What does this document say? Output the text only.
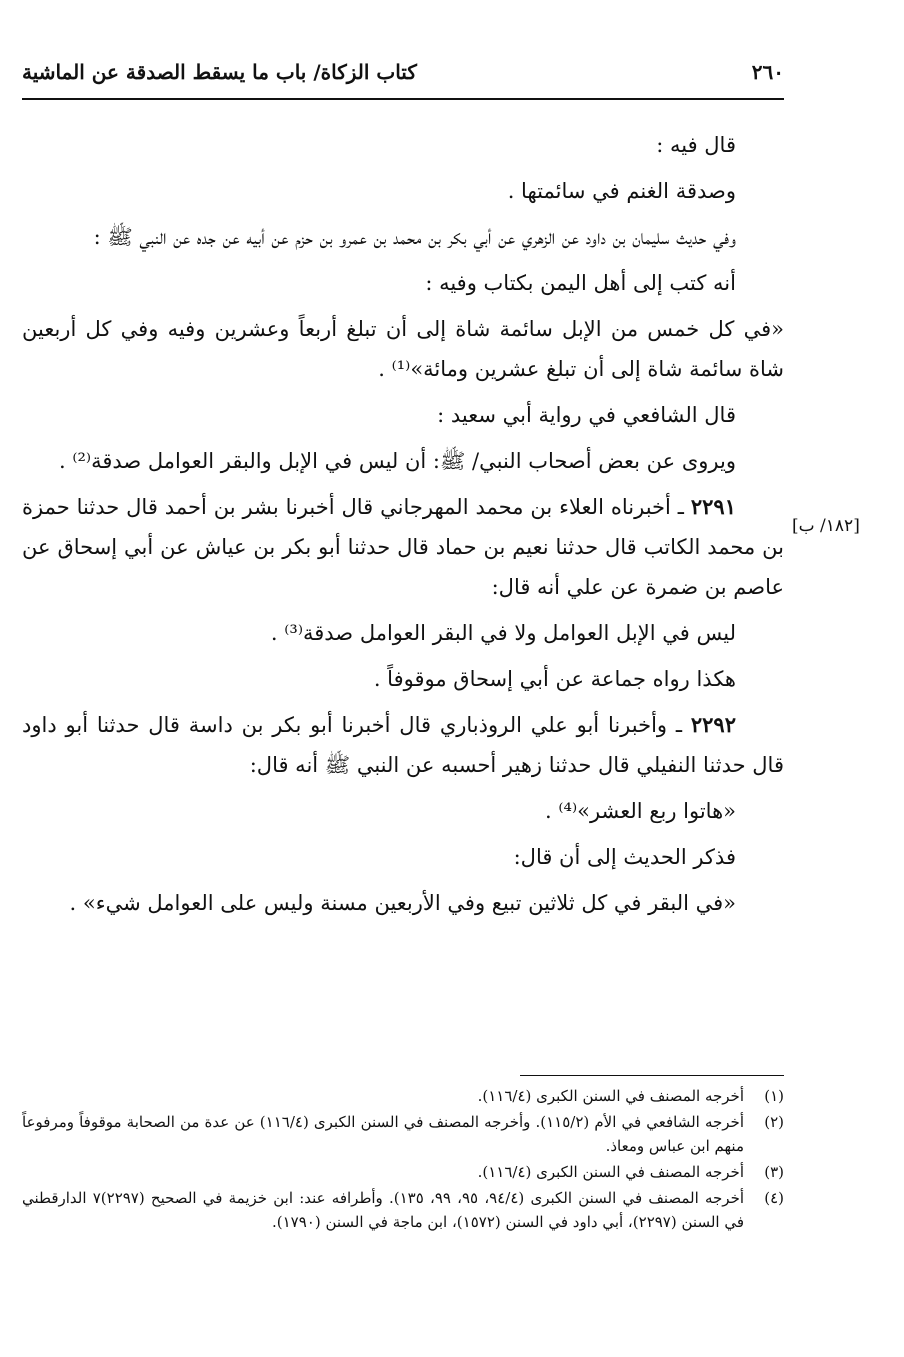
كتاب الزكاة/ باب ما يسقط الصدقة عن الماشية	٢٦٠
[١٨٢/ ب]

قال فيه :

وصدقة الغنم في سائمتها .

وفي حديث سليمان بن داود عن الزهري عن أبي بكر بن محمد بن عمرو بن حزم عن أبيه عن جده عن النبي ﷺ :

أنه كتب إلى أهل اليمن بكتاب وفيه :

«في كل خمس من الإبل سائمة شاة إلى أن تبلغ أربعاً وعشرين وفيه وفي كل أربعين شاة سائمة شاة إلى أن تبلغ عشرين ومائة»⁽¹⁾ .

قال الشافعي في رواية أبي سعيد :

ويروى عن بعض أصحاب النبي/ ﷺ: أن ليس في الإبل والبقر العوامل صدقة⁽²⁾ .

٢٢٩١ ـ أخبرناه العلاء بن محمد المهرجاني قال أخبرنا بشر بن أحمد قال حدثنا حمزة بن محمد الكاتب قال حدثنا نعيم بن حماد قال حدثنا أبو بكر بن عياش عن أبي إسحاق عن عاصم بن ضمرة عن علي أنه قال:

ليس في الإبل العوامل ولا في البقر العوامل صدقة⁽³⁾ .

هكذا رواه جماعة عن أبي إسحاق موقوفاً .

٢٢٩٢ ـ وأخبرنا أبو علي الروذباري قال أخبرنا أبو بكر بن داسة قال حدثنا أبو داود قال حدثنا النفيلي قال حدثنا زهير أحسبه عن النبي ﷺ أنه قال:

«هاتوا ربع العشر»⁽⁴⁾ .

فذكر الحديث إلى أن قال:

«في البقر في كل ثلاثين تبيع وفي الأربعين مسنة وليس على العوامل شيء» .

(١)
أخرجه المصنف في السنن الكبرى (١١٦/٤).
(٢)
أخرجه الشافعي في الأم (١١٥/٢). وأخرجه المصنف في السنن الكبرى (١١٦/٤) عن عدة من الصحابة موقوفاً ومرفوعاً منهم ابن عباس ومعاذ.
(٣)
أخرجه المصنف في السنن الكبرى (١١٦/٤).
(٤)
أخرجه المصنف في السنن الكبرى (٩٤/٤، ٩٥، ٩٩، ١٣٥). وأطرافه عند: ابن خزيمة في الصحيح (٢٢٩٧)٧ الدارقطني في السنن (٢٢٩٧)، أبي داود في السنن (١٥٧٢)، ابن ماجة في السنن (١٧٩٠).
